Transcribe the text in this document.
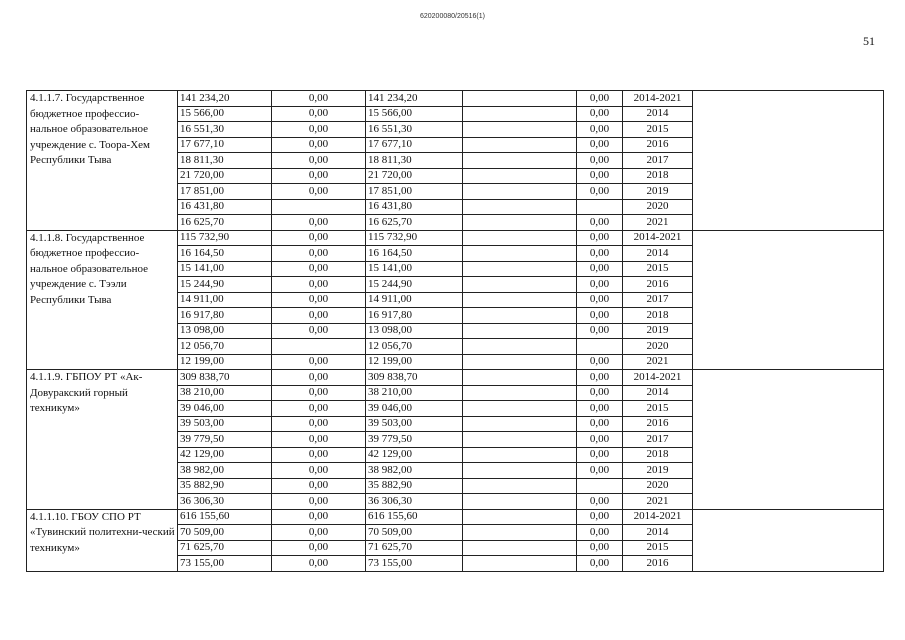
620200080/20516(1)
51
4.1.1.7. Государственное бюджетное профессио-нальное образовательное учреждение с. Тоора-Хем Республики Тыва	141 234,20	0,00	141 234,20		0,00	2014-2021	
	15 566,00	0,00	15 566,00		0,00	2014	
	16 551,30	0,00	16 551,30		0,00	2015	
	17 677,10	0,00	17 677,10		0,00	2016	
	18 811,30	0,00	18 811,30		0,00	2017	
	21 720,00	0,00	21 720,00		0,00	2018	
	17 851,00	0,00	17 851,00		0,00	2019	
	16 431,80		16 431,80			2020	
	16 625,70	0,00	16 625,70		0,00	2021	
4.1.1.8. Государственное бюджетное профессио-нальное образовательное учреждение с. Тээли Республики Тыва	115 732,90	0,00	115 732,90		0,00	2014-2021	
	16 164,50	0,00	16 164,50		0,00	2014	
	15 141,00	0,00	15 141,00		0,00	2015	
	15 244,90	0,00	15 244,90		0,00	2016	
	14 911,00	0,00	14 911,00		0,00	2017	
	16 917,80	0,00	16 917,80		0,00	2018	
	13 098,00	0,00	13 098,00		0,00	2019	
	12 056,70		12 056,70			2020	
	12 199,00	0,00	12 199,00		0,00	2021	
4.1.1.9. ГБПОУ РТ «Ак-Довуракский горный техникум»	309 838,70	0,00	309 838,70		0,00	2014-2021	
	38 210,00	0,00	38 210,00		0,00	2014	
	39 046,00	0,00	39 046,00		0,00	2015	
	39 503,00	0,00	39 503,00		0,00	2016	
	39 779,50	0,00	39 779,50		0,00	2017	
	42 129,00	0,00	42 129,00		0,00	2018	
	38 982,00	0,00	38 982,00		0,00	2019	
	35 882,90	0,00	35 882,90			2020	
	36 306,30	0,00	36 306,30		0,00	2021	
4.1.1.10. ГБОУ СПО РТ «Тувинский политехни-ческий техникум»	616 155,60	0,00	616 155,60		0,00	2014-2021	
	70 509,00	0,00	70 509,00		0,00	2014	
	71 625,70	0,00	71 625,70		0,00	2015	
	73 155,00	0,00	73 155,00		0,00	2016	
